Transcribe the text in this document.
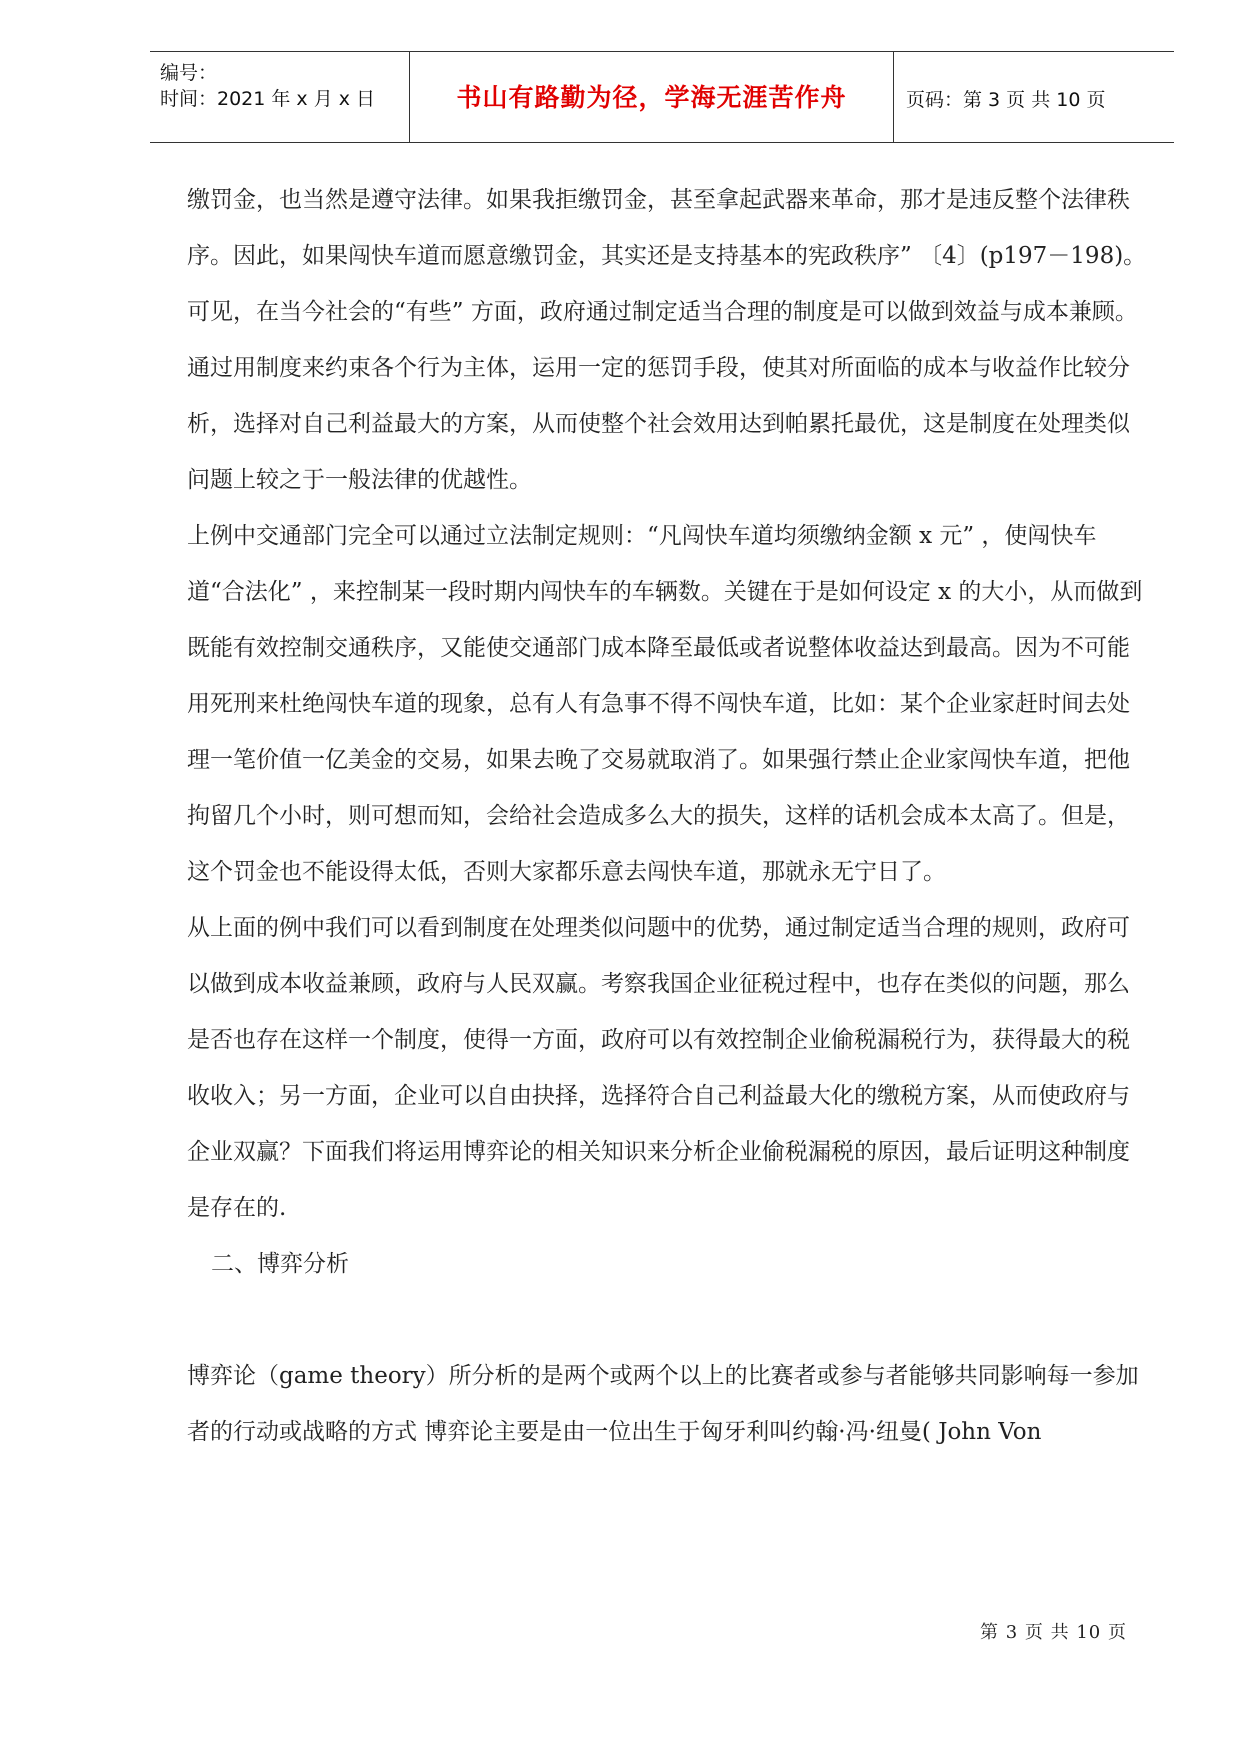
编号：
时间：2021 年 x 月 x 日	书山有路勤为径，学海无涯苦作舟	页码：第 3 页 共 10 页

缴罚金，也当然是遵守法律。如果我拒缴罚金，甚至拿起武器来革命，那才是违反整个法律秩序。因此，如果闯快车道而愿意缴罚金，其实还是支持基本的宪政秩序” 〔4〕(p197－198)。

可见，在当今社会的“有些” 方面，政府通过制定适当合理的制度是可以做到效益与成本兼顾。通过用制度来约束各个行为主体，运用一定的惩罚手段，使其对所面临的成本与收益作比较分析，选择对自己利益最大的方案，从而使整个社会效用达到帕累托最优，这是制度在处理类似问题上较之于一般法律的优越性。

上例中交通部门完全可以通过立法制定规则：“凡闯快车道均须缴纳金额 x 元” ，使闯快车道“合法化” ，来控制某一段时期内闯快车的车辆数。关键在于是如何设定 x 的大小，从而做到既能有效控制交通秩序，又能使交通部门成本降至最低或者说整体收益达到最高。因为不可能用死刑来杜绝闯快车道的现象，总有人有急事不得不闯快车道，比如：某个企业家赶时间去处理一笔价值一亿美金的交易，如果去晚了交易就取消了。如果强行禁止企业家闯快车道，把他拘留几个小时，则可想而知，会给社会造成多么大的损失，这样的话机会成本太高了。但是，这个罚金也不能设得太低，否则大家都乐意去闯快车道，那就永无宁日了。

从上面的例中我们可以看到制度在处理类似问题中的优势，通过制定适当合理的规则，政府可以做到成本收益兼顾，政府与人民双赢。考察我国企业征税过程中，也存在类似的问题，那么是否也存在这样一个制度，使得一方面，政府可以有效控制企业偷税漏税行为，获得最大的税收收入；另一方面，企业可以自由抉择，选择符合自己利益最大化的缴税方案，从而使政府与企业双赢？下面我们将运用博弈论的相关知识来分析企业偷税漏税的原因，最后证明这种制度是存在的.

二、博弈分析

博弈论（game theory）所分析的是两个或两个以上的比赛者或参与者能够共同影响每一参加者的行动或战略的方式 博弈论主要是由一位出生于匈牙利叫约翰·冯·纽曼( John Von

第 3 页 共 10 页
